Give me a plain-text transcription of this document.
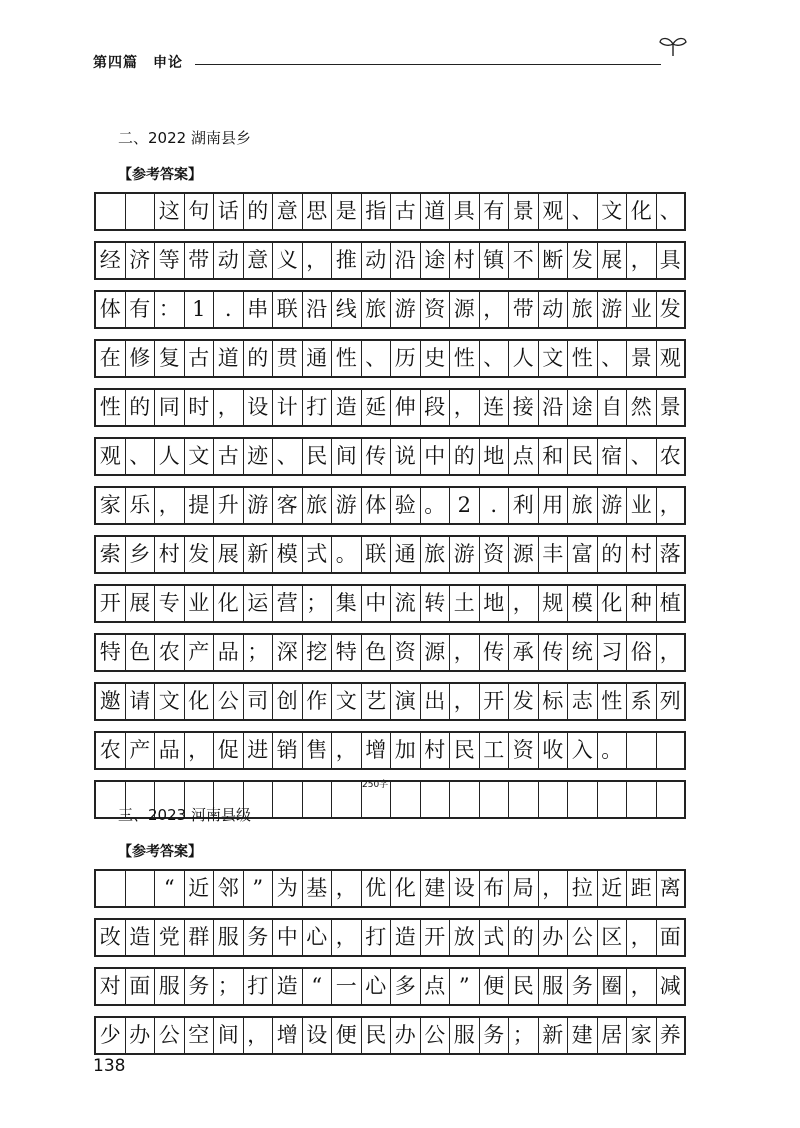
第四篇　申论
二、2022 湖南县乡
【参考答案】
这 句 话 的 意 思 是 指 古 道 具 有 景 观 、 文 化 、
经 济 等 带 动 意 义 ， 推 动 沿 途 村 镇 不 断 发 展 ， 具
体 有 ： 1 . 串 联 沿 线 旅 游 资 源 ， 带 动 旅 游 业 发
在 修 复 古 道 的 贯 通 性 、 历 史 性 、 人 文 性 、 景 观
性 的 同 时 ， 设 计 打 造 延 伸 段 ， 连 接 沿 途 自 然 景
观 、 人 文 古 迹 、 民 间 传 说 中 的 地 点 和 民 宿 、 农
家 乐 ， 提 升 游 客 旅 游 体 验 。 2 . 利 用 旅 游 业 ，
索 乡 村 发 展 新 模 式 。 联 通 旅 游 资 源 丰 富 的 村 落
开 展 专 业 化 运 营 ； 集 中 流 转 土 地 ， 规 模 化 种 植
特 色 农 产 品 ； 深 挖 特 色 资 源 ， 传 承 传 统 习 俗 ，
邀 请 文 化 公 司 创 作 文 艺 演 出 ， 开 发 标 志 性 系 列
农 产 品 ， 促 进 销 售 ， 增 加 村 民 工 资 收 入 。
250字
三、2023 河南县级
【参考答案】
“ 近 邻 ” 为 基 ， 优 化 建 设 布 局 ， 拉 近 距 离
改 造 党 群 服 务 中 心 ， 打 造 开 放 式 的 办 公 区 ， 面
对 面 服 务 ； 打 造 “ 一 心 多 点 ” 便 民 服 务 圈 ， 减
少 办 公 空 间 ， 增 设 便 民 办 公 服 务 ； 新 建 居 家 养
138
